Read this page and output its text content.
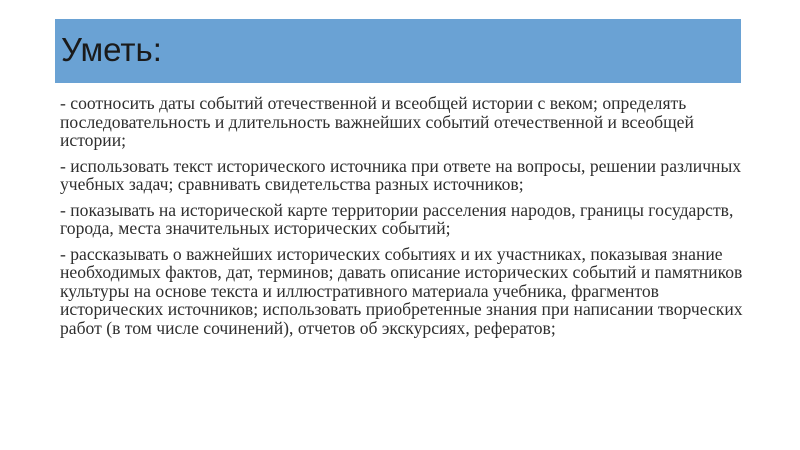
Уметь:

- соотносить даты событий отечественной и всеобщей истории с веком; определять последовательность и длительность важнейших событий отечественной и всеобщей истории;

- использовать текст исторического источника при ответе на вопросы, решении различных учебных задач; сравнивать свидетельства разных источников;

- показывать на исторической карте территории расселения народов, границы государств, города, места значительных исторических событий;

- рассказывать о важнейших исторических событиях и их участниках, показывая знание необходимых фактов, дат, терминов; давать описание исторических событий и памятников культуры на основе текста и иллюстративного материала учебника, фрагментов исторических источников; использовать приобретенные знания при написании творческих работ (в том числе сочинений), отчетов об экскурсиях, рефератов;
